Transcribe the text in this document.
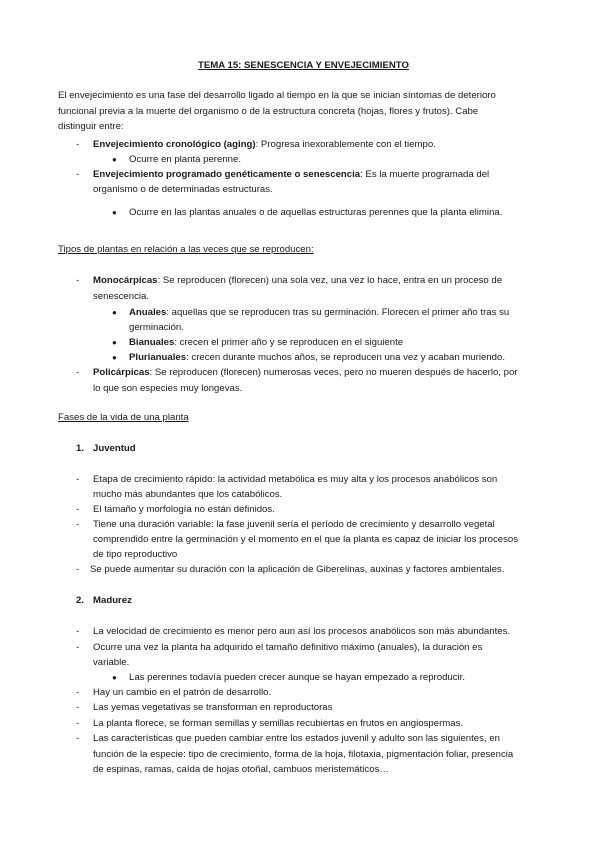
TEMA 15: SENESCENCIA Y ENVEJECIMIENTO
El envejecimiento es una fase del desarrollo ligado al tiempo en la que se inician síntomas de deterioro
funcional previa a la muerte del organismo o de la estructura concreta (hojas, flores y frutos). Cabe
distinguir entre:
- Envejecimiento cronológico (aging): Progresa inexorablemente con el tiempo.
● Ocurre en planta perenne.
- Envejecimiento programado genéticamente o senescencia: Es la muerte programada del
organismo o de determinadas estructuras.
● Ocurre en las plantas anuales o de aquellas estructuras perennes que la planta elimina.
Tipos de plantas en relación a las veces que se reproducen:
- Monocárpicas: Se reproducen (florecen) una sola vez, una vez lo hace, entra en un proceso de
senescencia.
● Anuales: aquellas que se reproducen tras su germinación. Florecen el primer año tras su
germinación.
● Bianuales: crecen el primer año y se reproducen en el siguiente
● Plurianuales: crecen durante muchos años, se reproducen una vez y acaban muriendo.
- Policárpicas: Se reproducen (florecen) numerosas veces, pero no mueren después de hacerlo, por
lo que son especies muy longevas.
Fases de la vida de una planta
1. Juventud
- Etapa de crecimiento rápido: la actividad metabólica es muy alta y los procesos anabólicos son
mucho más abundantes que los catabólicos.
- El tamaño y morfología no están definidos.
- Tiene una duración variable: la fase juvenil sería el período de crecimiento y desarrollo vegetal
comprendido entre la germinación y el momento en el que la planta es capaz de iniciar los procesos
de tipo reproductivo
- Se puede aumentar su duración con la aplicación de Giberelinas, auxinas y factores ambientales.
2. Madurez
- La velocidad de crecimiento es menor pero aun así los procesos anabólicos son más abundantes.
- Ocurre una vez la planta ha adquirido el tamaño definitivo máximo (anuales), la duración es
variable.
● Las perennes todavía pueden crecer aunque se hayan empezado a reproducir.
- Hay un cambio en el patrón de desarrollo.
- Las yemas vegetativas se transforman en reproductoras
- La planta florece, se forman semillas y semillas recubiertas en frutos en angiospermas.
- Las características que pueden cambiar entre los estados juvenil y adulto son las siguientes, en
función de la especie: tipo de crecimiento, forma de la hoja, filotaxia, pigmentación foliar, presencia
de espinas, ramas, caída de hojas otoñal, cambuos meristemáticos…
